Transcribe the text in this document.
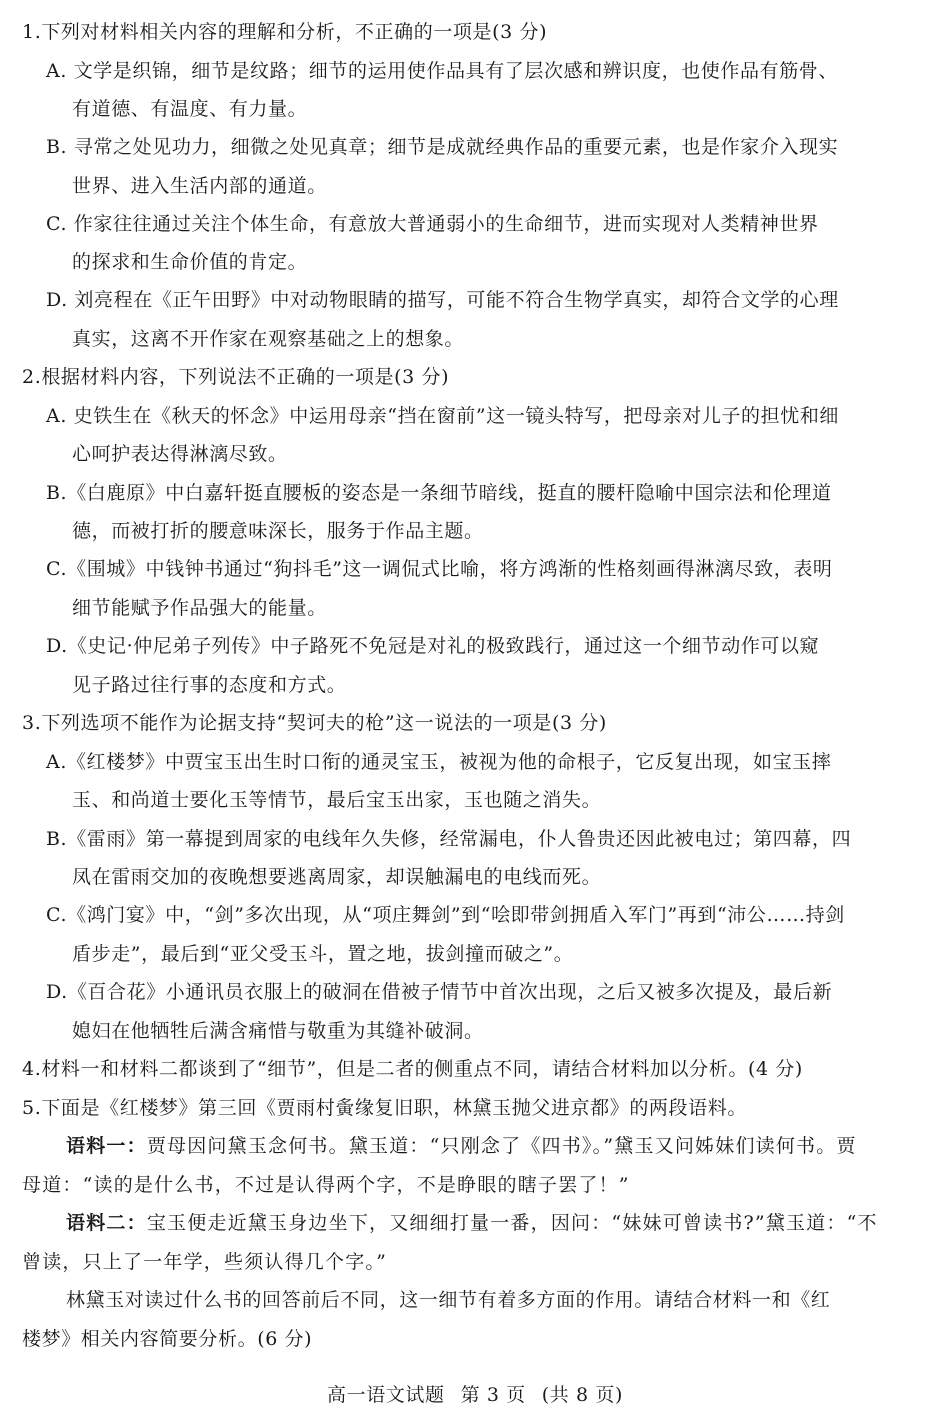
1.下列对材料相关内容的理解和分析，不正确的一项是(3 分)
A. 文学是织锦，细节是纹路；细节的运用使作品具有了层次感和辨识度，也使作品有筋骨、
有道德、有温度、有力量。
B. 寻常之处见功力，细微之处见真章；细节是成就经典作品的重要元素，也是作家介入现实
世界、进入生活内部的通道。
C. 作家往往通过关注个体生命，有意放大普通弱小的生命细节，进而实现对人类精神世界
的探求和生命价值的肯定。
D. 刘亮程在《正午田野》中对动物眼睛的描写，可能不符合生物学真实，却符合文学的心理
真实，这离不开作家在观察基础之上的想象。
2.根据材料内容，下列说法不正确的一项是(3 分)
A. 史铁生在《秋天的怀念》中运用母亲“挡在窗前”这一镜头特写，把母亲对儿子的担忧和细
心呵护表达得淋漓尽致。
B.《白鹿原》中白嘉轩挺直腰板的姿态是一条细节暗线，挺直的腰杆隐喻中国宗法和伦理道
德，而被打折的腰意味深长，服务于作品主题。
C.《围城》中钱钟书通过“狗抖毛”这一调侃式比喻，将方鸿渐的性格刻画得淋漓尽致，表明
细节能赋予作品强大的能量。
D.《史记·仲尼弟子列传》中子路死不免冠是对礼的极致践行，通过这一个细节动作可以窥
见子路过往行事的态度和方式。
3.下列选项不能作为论据支持“契诃夫的枪”这一说法的一项是(3 分)
A.《红楼梦》中贾宝玉出生时口衔的通灵宝玉，被视为他的命根子，它反复出现，如宝玉摔
玉、和尚道士要化玉等情节，最后宝玉出家，玉也随之消失。
B.《雷雨》第一幕提到周家的电线年久失修，经常漏电，仆人鲁贵还因此被电过；第四幕，四
凤在雷雨交加的夜晚想要逃离周家，却误触漏电的电线而死。
C.《鸿门宴》中，“剑”多次出现，从“项庄舞剑”到“哙即带剑拥盾入军门”再到“沛公……持剑
盾步走”，最后到“亚父受玉斗，置之地，拔剑撞而破之”。
D.《百合花》小通讯员衣服上的破洞在借被子情节中首次出现，之后又被多次提及，最后新
媳妇在他牺牲后满含痛惜与敬重为其缝补破洞。
4.材料一和材料二都谈到了“细节”，但是二者的侧重点不同，请结合材料加以分析。(4 分)
5.下面是《红楼梦》第三回《贾雨村夤缘复旧职，林黛玉抛父进京都》的两段语料。
语料一：贾母因问黛玉念何书。黛玉道：“只刚念了《四书》。”黛玉又问姊妹们读何书。贾
母道：“读的是什么书，不过是认得两个字，不是睁眼的瞎子罢了！”
语料二：宝玉便走近黛玉身边坐下，又细细打量一番，因问：“妹妹可曾读书?”黛玉道：“不
曾读，只上了一年学，些须认得几个字。”
林黛玉对读过什么书的回答前后不同，这一细节有着多方面的作用。请结合材料一和《红
楼梦》相关内容简要分析。(6 分)
高一语文试题 第 3 页 (共 8 页)
